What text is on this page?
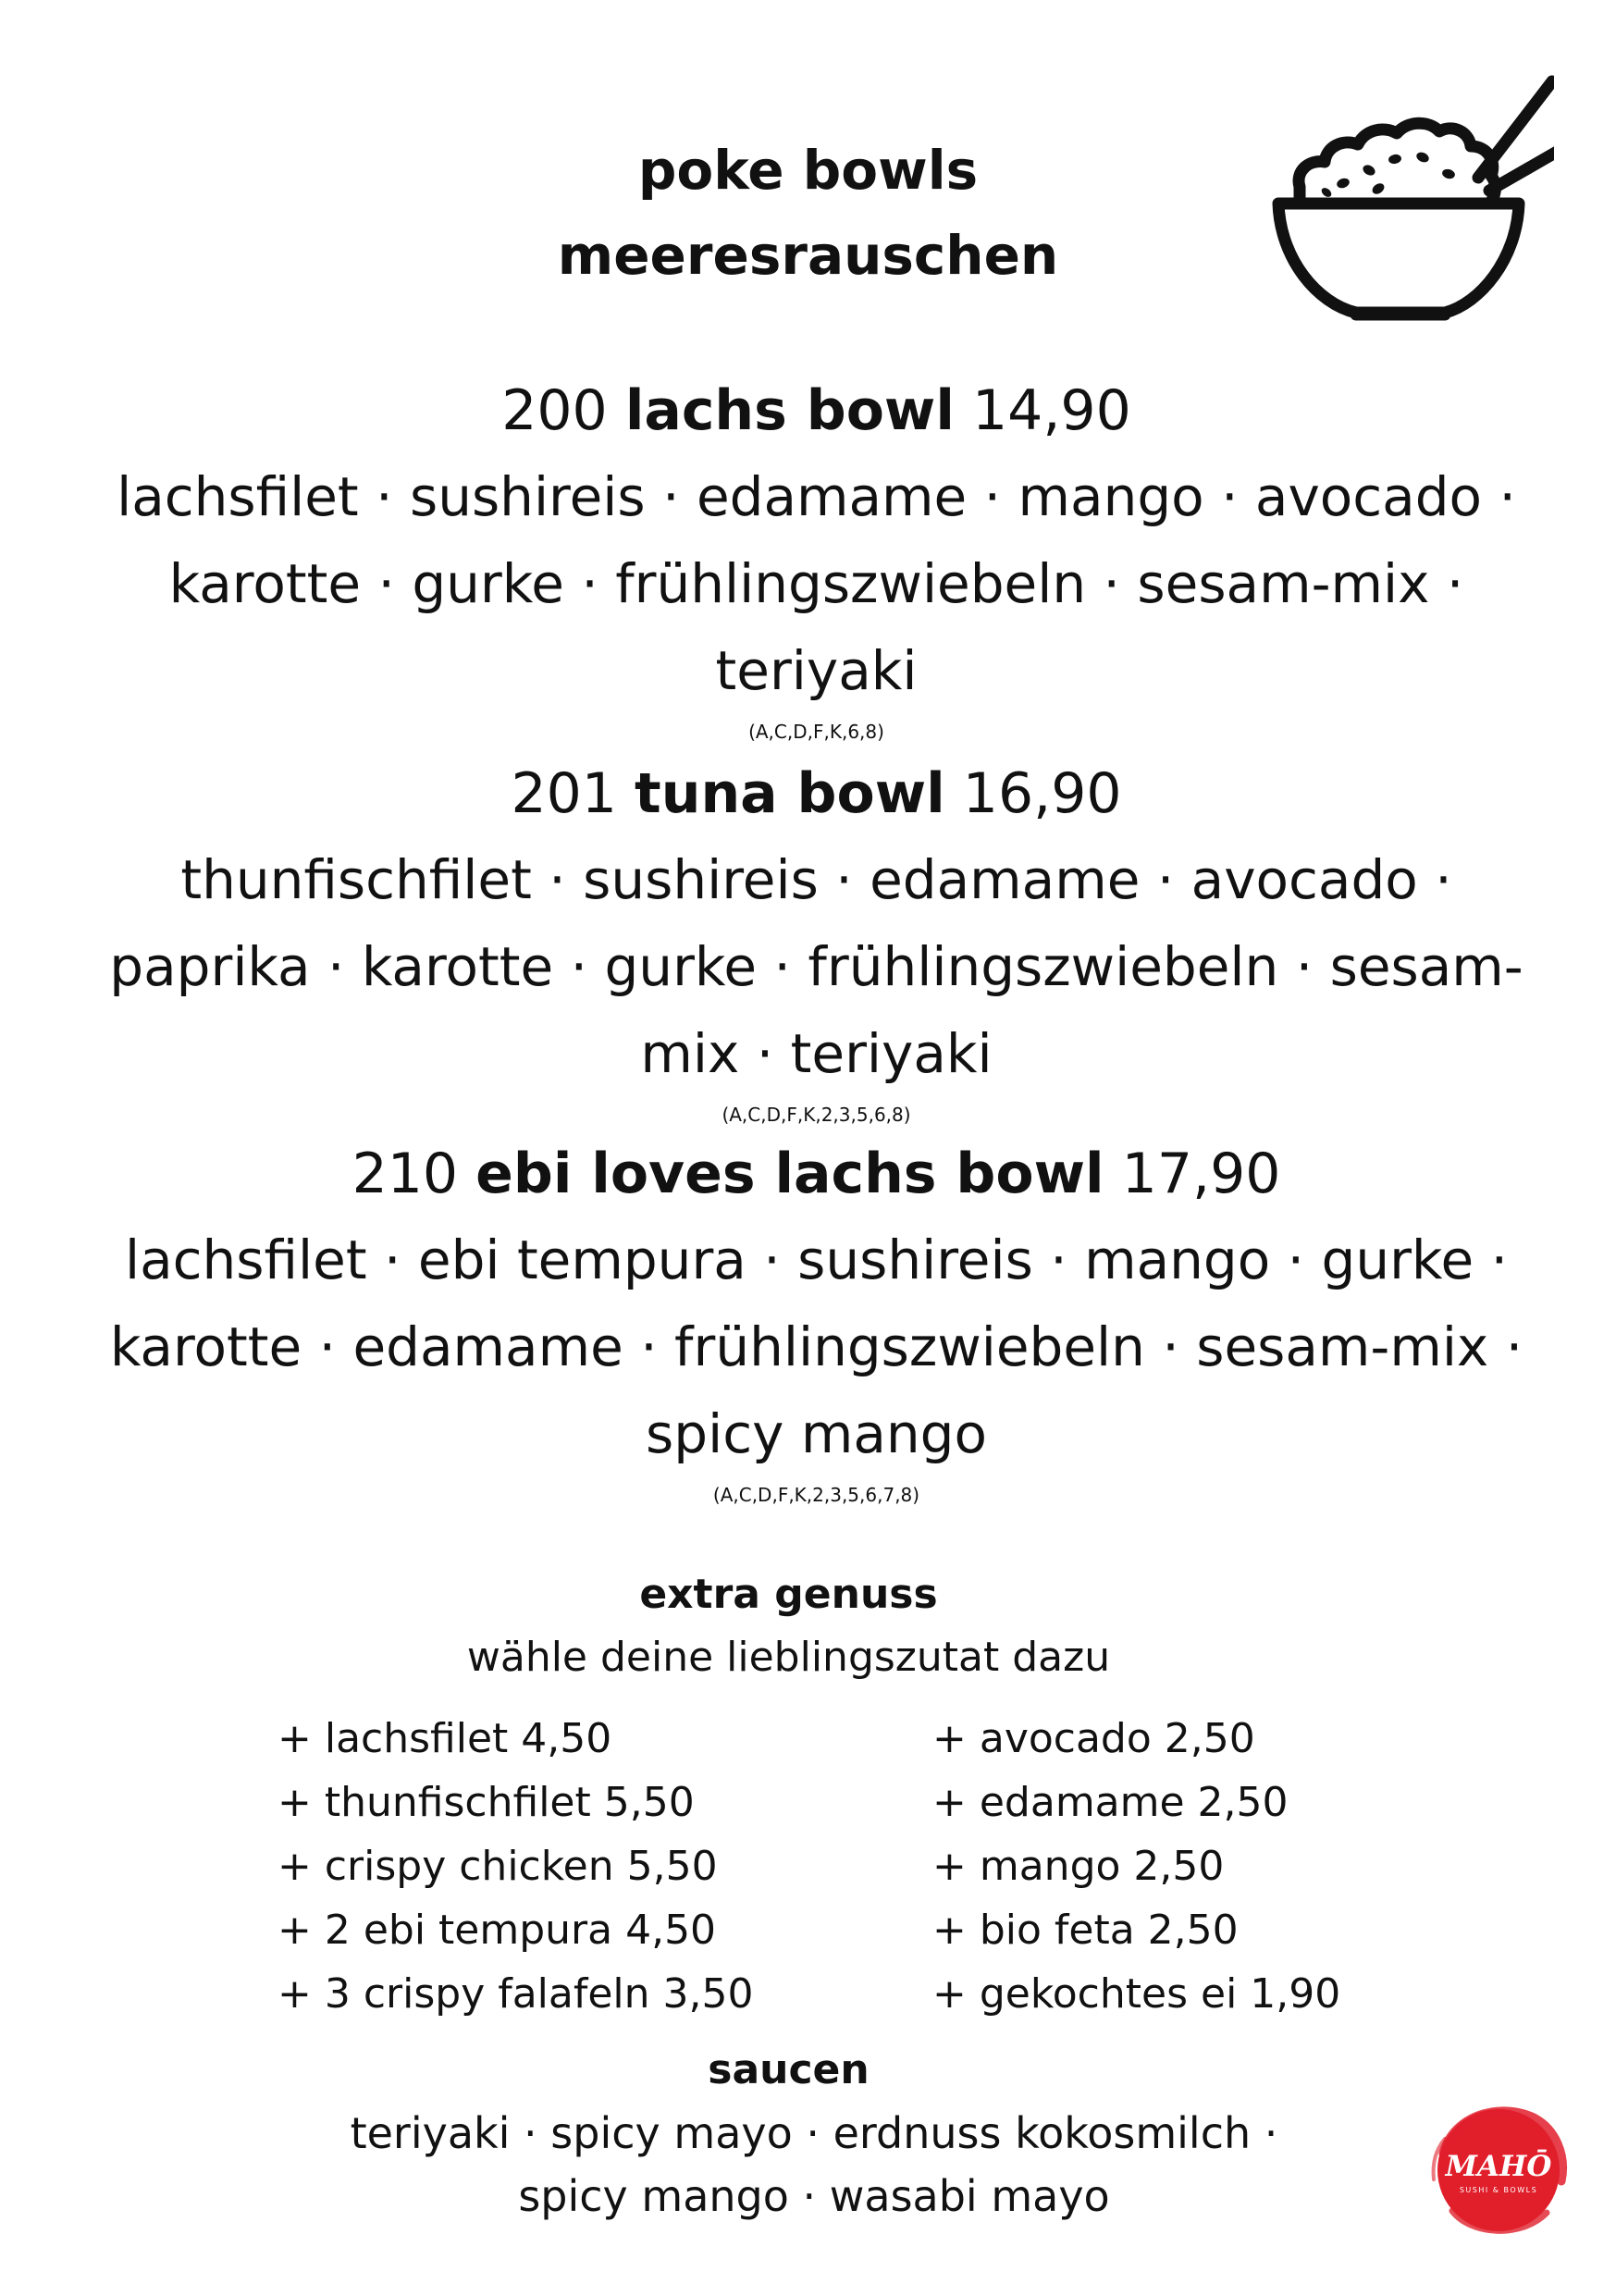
poke bowls
meeresrauschen
200 lachs bowl 14,90
lachsfilet · sushireis · edamame · mango · avocado ·
karotte · gurke · frühlingszwiebeln · sesam-mix ·
teriyaki
(A,C,D,F,K,6,8)
201 tuna bowl 16,90
thunfischfilet · sushireis · edamame · avocado ·
paprika · karotte · gurke · frühlingszwiebeln · sesam-
mix · teriyaki
(A,C,D,F,K,2,3,5,6,8)
210 ebi loves lachs bowl 17,90
lachsfilet · ebi tempura · sushireis · mango · gurke ·
karotte · edamame · frühlingszwiebeln · sesam-mix ·
spicy mango
(A,C,D,F,K,2,3,5,6,7,8)
extra genuss
wähle deine lieblingszutat dazu
+ lachsfilet 4,50
+ thunfischfilet 5,50
+ crispy chicken 5,50
+ 2 ebi tempura 4,50
+ 3 crispy falafeln 3,50
+ avocado 2,50
+ edamame 2,50
+ mango 2,50
+ bio feta 2,50
+ gekochtes ei 1,90
saucen
teriyaki · spicy mayo · erdnuss kokosmilch ·
spicy mango · wasabi mayo
MAHŌ
SUSHI & BOWLS
